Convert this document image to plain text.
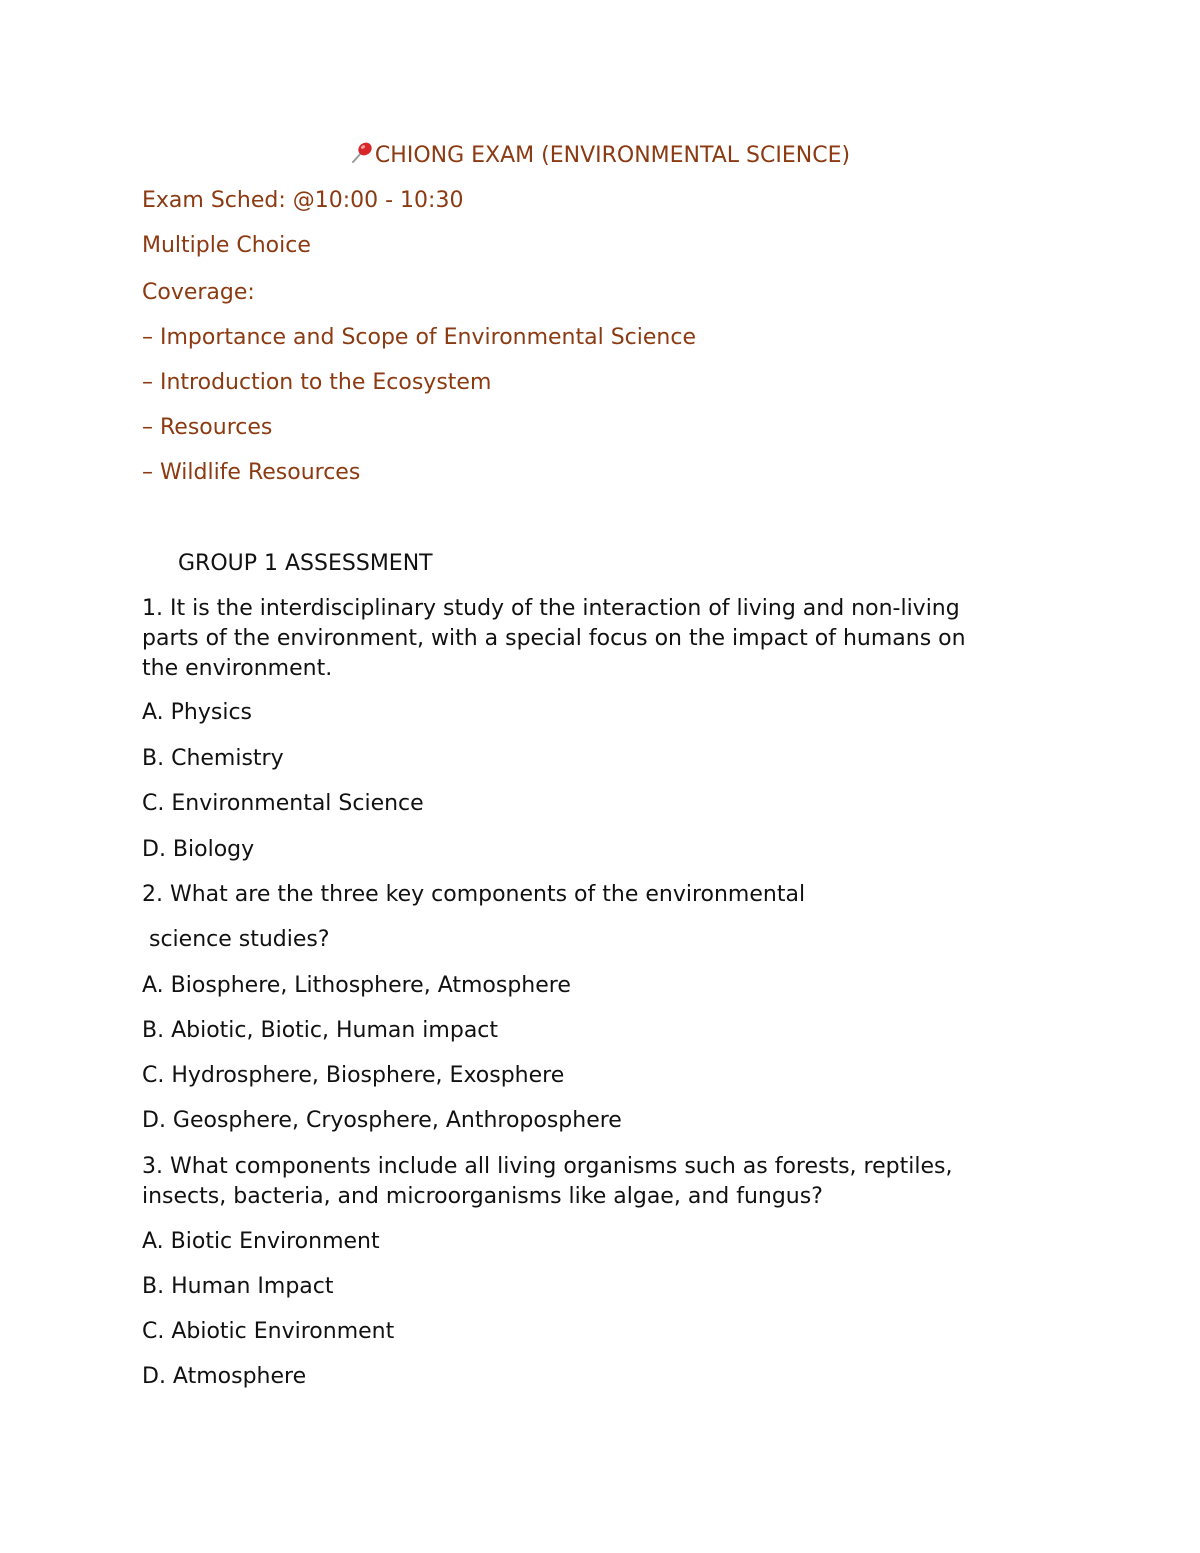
CHIONG EXAM (ENVIRONMENTAL SCIENCE)
Exam Sched: @10:00 - 10:30
Multiple Choice
Coverage:
– Importance and Scope of Environmental Science
– Introduction to the Ecosystem
– Resources
– Wildlife Resources
GROUP 1 ASSESSMENT
1. It is the interdisciplinary study of the interaction of living and non-living
parts of the environment, with a special focus on the impact of humans on
the environment.
A. Physics
B. Chemistry
C. Environmental Science
D. Biology
2. What are the three key components of the environmental
science studies?
A. Biosphere, Lithosphere, Atmosphere
B. Abiotic, Biotic, Human impact
C. Hydrosphere, Biosphere, Exosphere
D. Geosphere, Cryosphere, Anthroposphere
3. What components include all living organisms such as forests, reptiles,
insects, bacteria, and microorganisms like algae, and fungus?
A. Biotic Environment
B. Human Impact
C. Abiotic Environment
D. Atmosphere
